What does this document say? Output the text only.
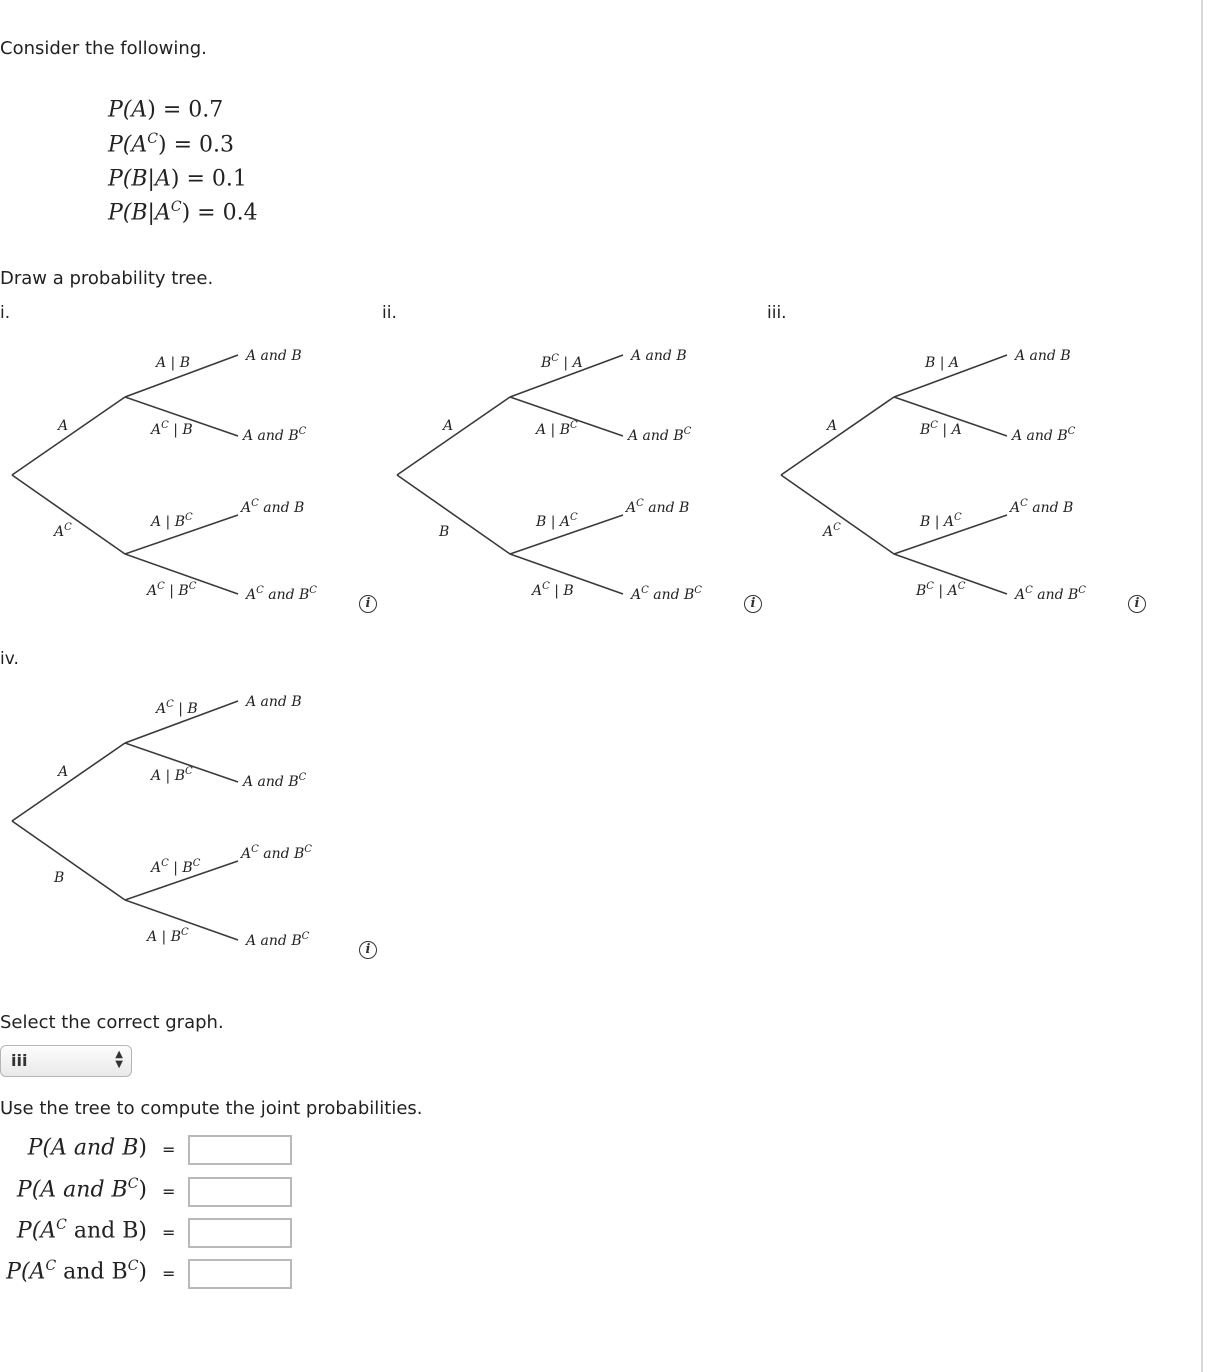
Consider the following.
P(A) = 0.7
$P(A^C) = 0.3$
P(B|A) = 0.1
$P(B|A^C) = 0.4$
Draw a probability tree.
i.	ii.	iii.
iv.
A
$A^C$
A | B
$A^C$ | B
A | $B^C$
$A^C$ | $B^C$
A and B
A and $B^C$
$A^C$ and B
$A^C$ and $B^C$
A
B
$B^C$ | A
A | $B^C$
B | $A^C$
$A^C$ | B
A and B
A and $B^C$
$A^C$ and B
$A^C$ and $B^C$
A
$A^C$
B | A
$B^C$ | A
B | $A^C$
$B^C$ | $A^C$
A and B
A and $B^C$
$A^C$ and B
$A^C$ and $B^C$
A
B
$A^C$ | B
A | $B^C$
$A^C$ | $B^C$
A | $B^C$
A and B
A and $B^C$
$A^C$ and $B^C$
A and $B^C$
i	i	i
i
Select the correct graph.
iii	▲
▼
Use the tree to compute the joint probabilities.
P(A and B) =
P(A and $B^C$) =
$P(A^C$ and B) =
$P(A^C$ and $B^C$) =
